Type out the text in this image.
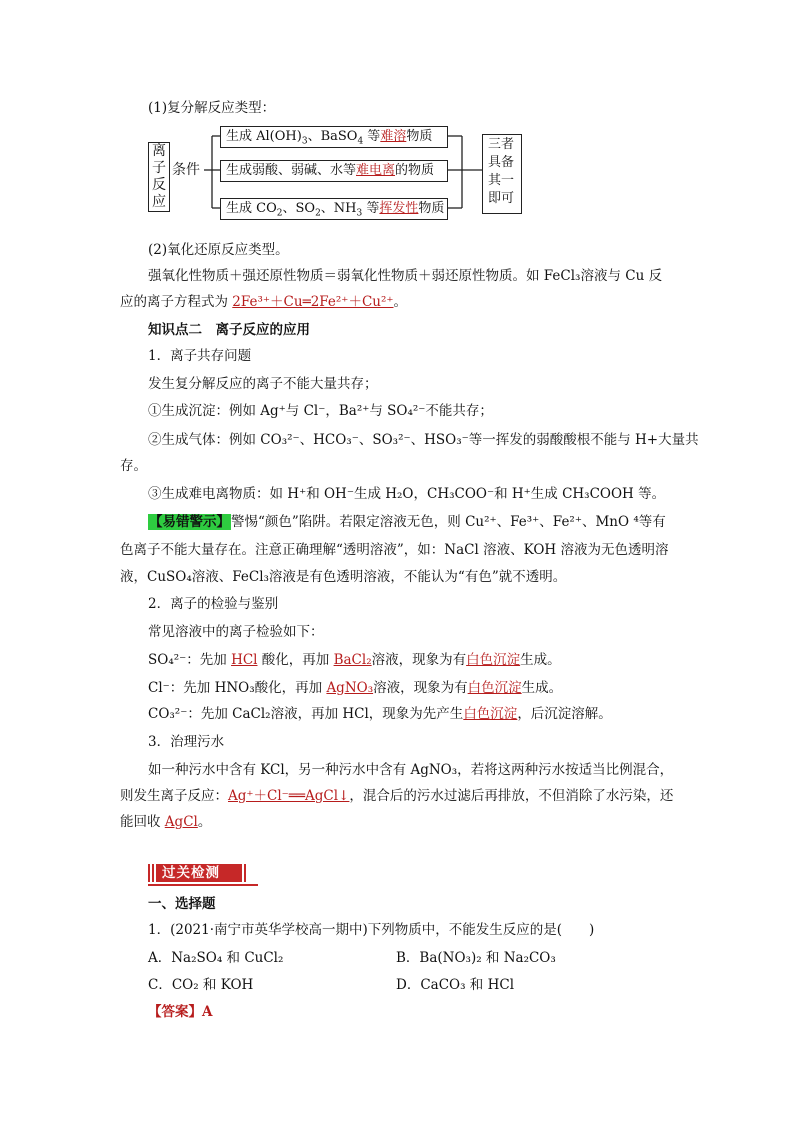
(1)复分解反应类型：
离子反应
条件
生成 $Al(OH)_3$、BaSO$_4$ 等难溶物质
生成弱酸、弱碱、水等难电离的物质
生成 $CO_2$、$SO_2$、$NH_3$ 等挥发性物质
三者具备其一即可
(2)氧化还原反应类型。
强氧化性物质＋强还原性物质＝弱氧化性物质＋弱还原性物质。如 FeCl₃溶液与 Cu 反
应的离子方程式为 2Fe³⁺＋Cu═2Fe²⁺＋Cu²⁺。
知识点二　离子反应的应用
1．离子共存问题
发生复分解反应的离子不能大量共存；
①生成沉淀：例如 Ag⁺与 Cl⁻，Ba²⁺与 SO₄²⁻不能共存；
②生成气体：例如 CO₃²⁻、HCO₃⁻、SO₃²⁻、HSO₃⁻等一挥发的弱酸酸根不能与 H+大量共
存。
③生成难电离物质：如 H⁺和 OH⁻生成 H₂O，CH₃COO⁻和 H⁺生成 CH₃COOH 等。
【易错警示】警惕“颜色”陷阱。若限定溶液无色，则 Cu²⁺、Fe³⁺、Fe²⁺、MnO ⁴等有
色离子不能大量存在。注意正确理解“透明溶液”，如：NaCl 溶液、KOH 溶液为无色透明溶
液，CuSO₄溶液、FeCl₃溶液是有色透明溶液，不能认为“有色”就不透明。
2．离子的检验与鉴别
常见溶液中的离子检验如下：
SO₄²⁻：先加 HCl 酸化，再加 BaCl₂溶液，现象为有白色沉淀生成。
Cl⁻：先加 HNO₃酸化，再加 AgNO₃溶液，现象为有白色沉淀生成。
CO₃²⁻：先加 CaCl₂溶液，再加 HCl，现象为先产生白色沉淀，后沉淀溶解。
3．治理污水
如一种污水中含有 KCl，另一种污水中含有 AgNO₃，若将这两种污水按适当比例混合，
则发生离子反应：Ag⁺＋Cl⁻══AgCl↓，混合后的污水过滤后再排放，不但消除了水污染，还
能回收 AgCl。
过关检测
一、选择题
1．(2021·南宁市英华学校高一期中)下列物质中，不能发生反应的是(　　)
A．Na₂SO₄ 和 CuCl₂	B．Ba(NO₃)₂ 和 Na₂CO₃
C．CO₂ 和 KOH	D．CaCO₃ 和 HCl
【答案】A
